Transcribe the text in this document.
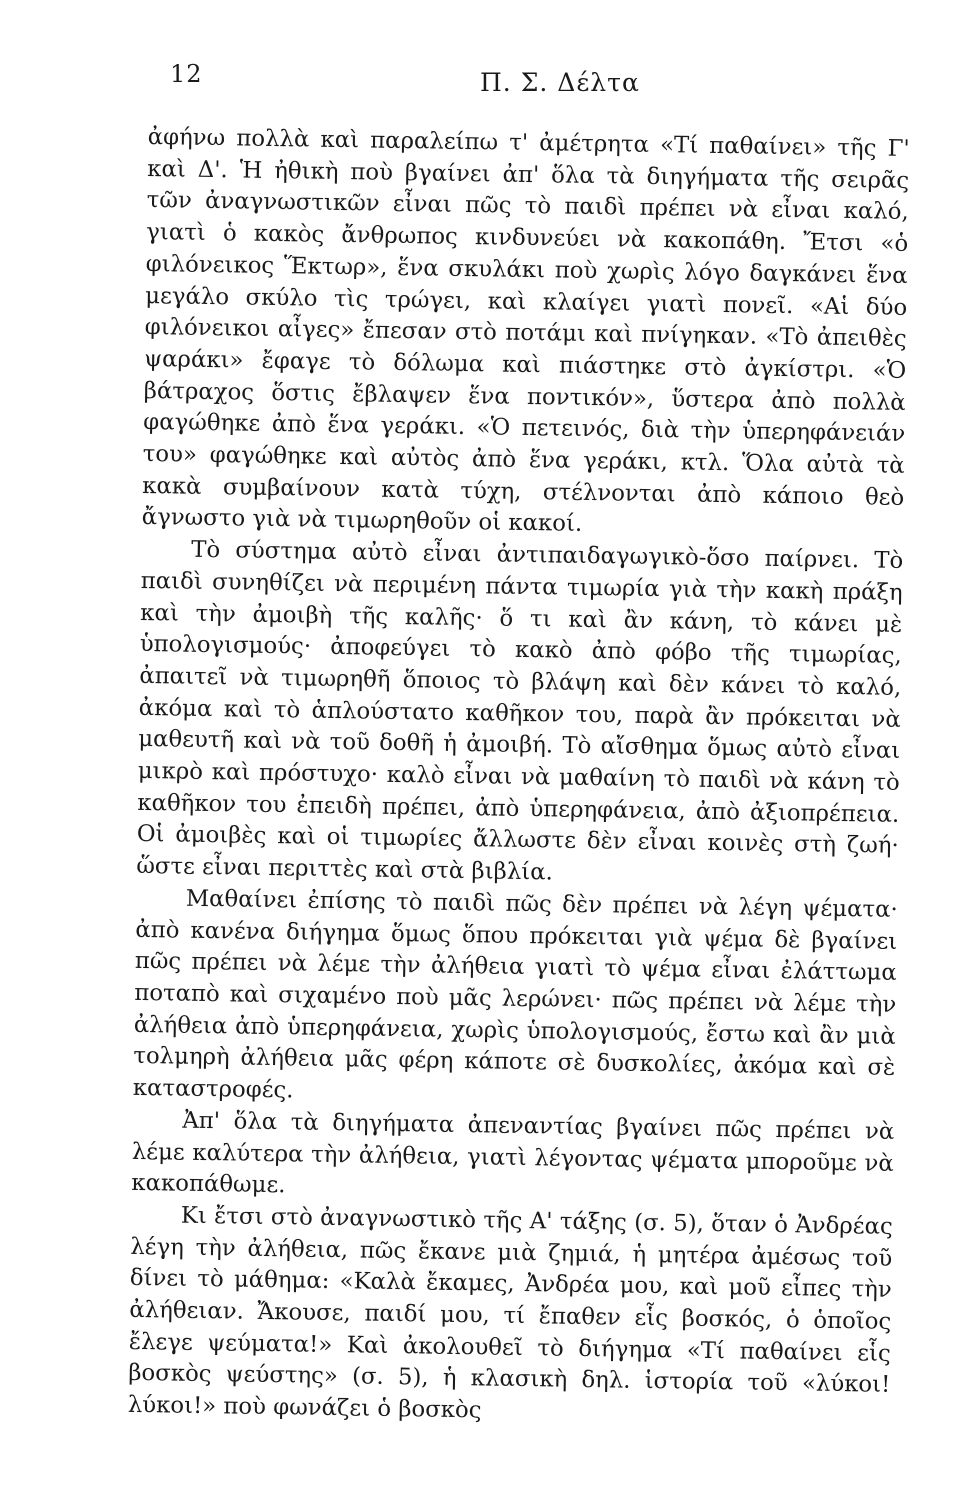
12	Π. Σ. Δέλτα

ἀφήνω πολλὰ καὶ παραλείπω τ' ἀμέτρητα «Τί παθαίνει» τῆς Γ' καὶ Δ'. Ἡ ἠθικὴ ποὺ βγαίνει ἀπ' ὅλα τὰ διηγήματα τῆς σειρᾶς τῶν ἀναγνωστικῶν εἶναι πῶς τὸ παιδὶ πρέπει νὰ εἶναι καλό, γιατὶ ὁ κακὸς ἄνθρωπος κινδυνεύει νὰ κακοπάθη. Ἔτσι «ὁ φιλόνεικος Ἕκτωρ», ἕνα σκυλάκι ποὺ χωρὶς λόγο δαγκάνει ἕνα μεγάλο σκύλο τὶς τρώγει, καὶ κλαίγει γιατὶ πονεῖ. «Αἱ δύο φιλόνεικοι αἶγες» ἔπεσαν στὸ ποτάμι καὶ πνίγηκαν. «Τὸ ἀπειθὲς ψαράκι» ἔφαγε τὸ δόλωμα καὶ πιάστηκε στὸ ἀγκίστρι. «Ὁ βάτραχος ὅστις ἔβλαψεν ἕνα ποντικόν», ὕστερα ἀπὸ πολλὰ φαγώθηκε ἀπὸ ἕνα γεράκι. «Ὁ πετεινός, διὰ τὴν ὑπερηφάνειάν του» φαγώθηκε καὶ αὐτὸς ἀπὸ ἕνα γεράκι, κτλ. Ὅλα αὐτὰ τὰ κακὰ συμβαίνουν κατὰ τύχη, στέλνονται ἀπὸ κάποιο θεὸ ἄγνωστο γιὰ νὰ τιμωρηθοῦν οἱ κακοί.

Τὸ σύστημα αὐτὸ εἶναι ἀντιπαιδαγωγικὸ-ὅσο παίρνει. Τὸ παιδὶ συνηθίζει νὰ περιμένη πάντα τιμωρία γιὰ τὴν κακὴ πράξη καὶ τὴν ἀμοιβὴ τῆς καλῆς· ὅ τι καὶ ἂν κάνη, τὸ κάνει μὲ ὑπολογισμούς· ἀποφεύγει τὸ κακὸ ἀπὸ φόβο τῆς τιμωρίας, ἀπαιτεῖ νὰ τιμωρηθῆ ὅποιος τὸ βλάψη καὶ δὲν κάνει τὸ καλό, ἀκόμα καὶ τὸ ἁπλούστατο καθῆκον του, παρὰ ἂν πρόκειται νὰ μαθευτῆ καὶ νὰ τοῦ δοθῆ ἡ ἀμοιβή. Τὸ αἴσθημα ὅμως αὐτὸ εἶναι μικρὸ καὶ πρόστυχο· καλὸ εἶναι νὰ μαθαίνη τὸ παιδὶ νὰ κάνη τὸ καθῆκον του ἐπειδὴ πρέπει, ἀπὸ ὑπερηφάνεια, ἀπὸ ἀξιοπρέπεια. Οἱ ἀμοιβὲς καὶ οἱ τιμωρίες ἄλλωστε δὲν εἶναι κοινὲς στὴ ζωή· ὥστε εἶναι περιττὲς καὶ στὰ βιβλία.

Μαθαίνει ἐπίσης τὸ παιδὶ πῶς δὲν πρέπει νὰ λέγη ψέματα· ἀπὸ κανένα διήγημα ὅμως ὅπου πρόκειται γιὰ ψέμα δὲ βγαίνει πῶς πρέπει νὰ λέμε τὴν ἀλήθεια γιατὶ τὸ ψέμα εἶναι ἐλάττωμα ποταπὸ καὶ σιχαμένο ποὺ μᾶς λερώνει· πῶς πρέπει νὰ λέμε τὴν ἀλήθεια ἀπὸ ὑπερηφάνεια, χωρὶς ὑπολογισμούς, ἔστω καὶ ἂν μιὰ τολμηρὴ ἀλήθεια μᾶς φέρη κάποτε σὲ δυσκολίες, ἀκόμα καὶ σὲ καταστροφές.

Ἀπ' ὅλα τὰ διηγήματα ἀπεναντίας βγαίνει πῶς πρέπει νὰ λέμε καλύτερα τὴν ἀλήθεια, γιατὶ λέγοντας ψέματα μποροῦμε νὰ κακοπάθωμε.

Κι ἔτσι στὸ ἀναγνωστικὸ τῆς Α' τάξης (σ. 5), ὅταν ὁ Ἀνδρέας λέγη τὴν ἀλήθεια, πῶς ἔκανε μιὰ ζημιά, ἡ μητέρα ἀμέσως τοῦ δίνει τὸ μάθημα: «Καλὰ ἔκαμες, Ἀνδρέα μου, καὶ μοῦ εἶπες τὴν ἀλήθειαν. Ἄκουσε, παιδί μου, τί ἔπαθεν εἷς βοσκός, ὁ ὁποῖος ἔλεγε ψεύματα!» Καὶ ἀκολουθεῖ τὸ διήγημα «Τί παθαίνει εἷς βοσκὸς ψεύστης» (σ. 5), ἡ κλασικὴ δηλ. ἱστορία τοῦ «λύκοι! λύκοι!» ποὺ φωνάζει ὁ βοσκὸς
